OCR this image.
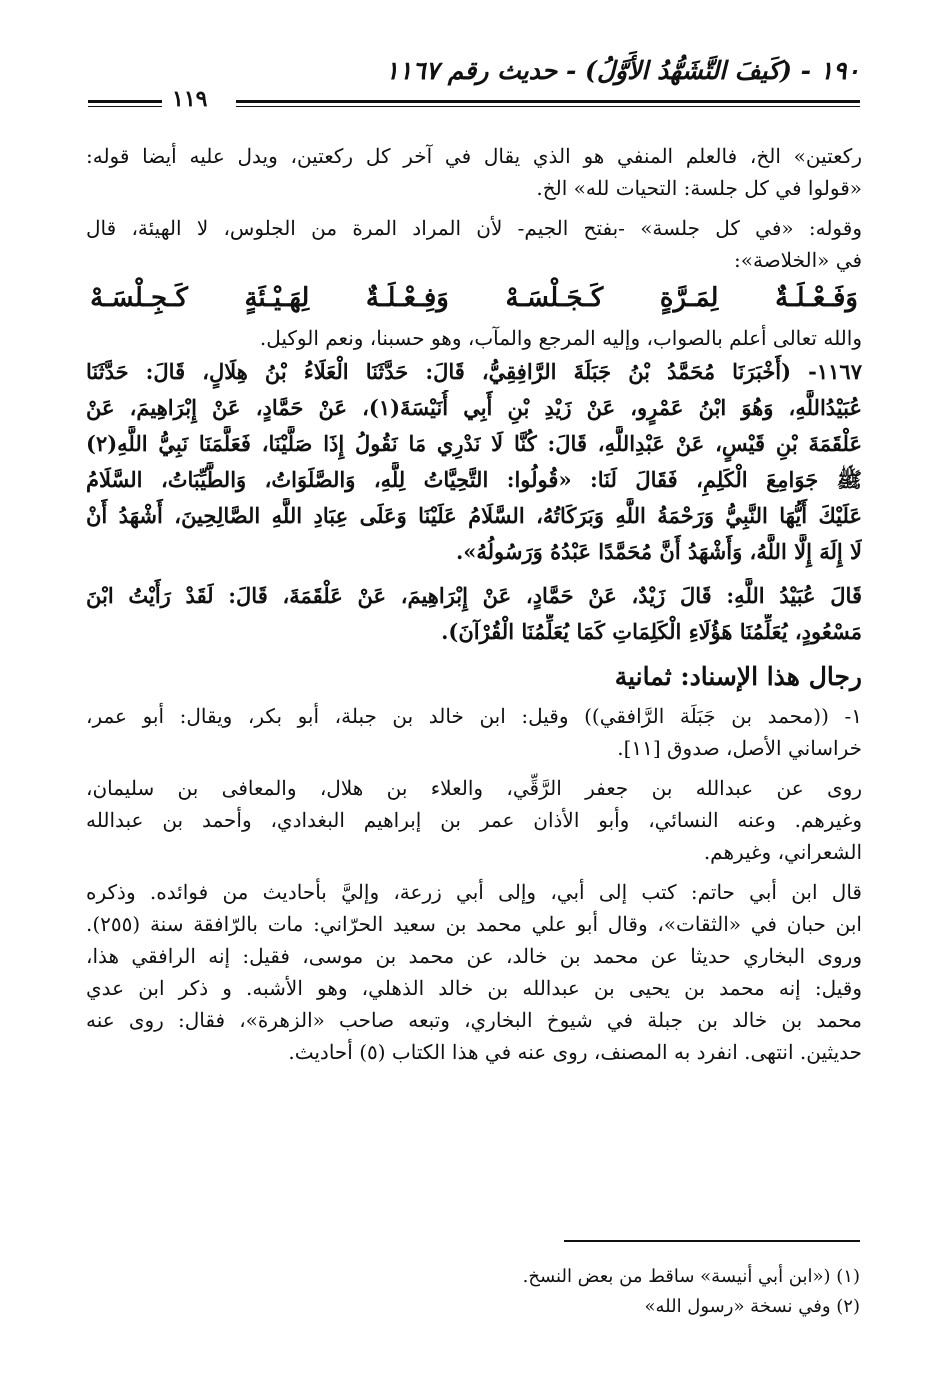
١٩٠ - (كَيفَ التَّشَهُّدُ الأَوَّلُ) - حديث رقم ١١٦٧
١١٩

ركعتين» الخ، فالعلم المنفي هو الذي يقال في آخر كل ركعتين، ويدل عليه أيضا قوله:

«قولوا في كل جلسة: التحيات لله» الخ.

وقوله: «في كل جلسة» -بفتح الجيم- لأن المراد المرة من الجلوس، لا الهيئة، قال

في «الخلاصة»:

وَفَـعْـلَـةٌ
لِمَـرَّةٍ
كَـجَـلْسَـهْ
وَفِـعْـلَـةٌ
لِهَـيْـئَةٍ
كَـجِـلْسَـهْ

والله تعالى أعلم بالصواب، وإليه المرجع والمآب، وهو حسبنا، ونعم الوكيل.

١١٦٧- (أَخْبَرَنَا مُحَمَّدُ بْنُ جَبَلَةَ الرَّافِقِيُّ، قَالَ: حَدَّثَنَا الْعَلَاءُ بْنُ هِلَالٍ، قَالَ: حَدَّثَنَا

عُبَيْدُاللَّهِ، وَهُوَ ابْنُ عَمْرٍو، عَنْ زَيْدِ بْنِ أَبِي أُنَيْسَةَ(١)، عَنْ حَمَّادٍ، عَنْ إِبْرَاهِيمَ، عَنْ

عَلْقَمَةَ بْنِ قَيْسٍ، عَنْ عَبْدِاللَّهِ، قَالَ: كُنَّا لَا نَدْرِي مَا نَقُولُ إِذَا صَلَّيْنَا، فَعَلَّمَنَا نَبِيُّ اللَّهِ(٢)

ﷺ جَوَامِعَ الْكَلِمِ، فَقَالَ لَنَا: «قُولُوا: التَّحِيَّاتُ لِلَّهِ، وَالصَّلَوَاتُ، وَالطَّيِّبَاتُ، السَّلَامُ

عَلَيْكَ أَيُّهَا النَّبِيُّ وَرَحْمَةُ اللَّهِ وَبَرَكَاتُهُ، السَّلَامُ عَلَيْنَا وَعَلَى عِبَادِ اللَّهِ الصَّالِحِينَ، أَشْهَدُ أَنْ

لَا إِلَهَ إِلَّا اللَّهُ، وَأَشْهَدُ أَنَّ مُحَمَّدًا عَبْدُهُ وَرَسُولُهُ».

قَالَ عُبَيْدُ اللَّهِ: قَالَ زَيْدٌ، عَنْ حَمَّادٍ، عَنْ إِبْرَاهِيمَ، عَنْ عَلْقَمَةَ، قَالَ: لَقَدْ رَأَيْتُ ابْنَ

مَسْعُودٍ، يُعَلِّمُنَا هَؤُلَاءِ الْكَلِمَاتِ كَمَا يُعَلِّمُنَا الْقُرْآنَ).

رجال هذا الإسناد: ثمانية

١- ((محمد بن جَبَلَة الرَّافقي)) وقيل: ابن خالد بن جبلة، أبو بكر، ويقال: أبو عمر،

خراساني الأصل، صدوق [١١].

روى عن عبدالله بن جعفر الرَّقِّي، والعلاء بن هلال، والمعافى بن سليمان،

وغيرهم. وعنه النسائي، وأبو الأذان عمر بن إبراهيم البغدادي، وأحمد بن عبدالله

الشعراني، وغيرهم.

قال ابن أبي حاتم: كتب إلى أبي، وإلى أبي زرعة، وإليَّ بأحاديث من فوائده. وذكره

ابن حبان في «الثقات»، وقال أبو علي محمد بن سعيد الحرّاني: مات بالرّافقة سنة (٢٥٥).

وروى البخاري حديثا عن محمد بن خالد، عن محمد بن موسى، فقيل: إنه الرافقي هذا،

وقيل: إنه محمد بن يحيى بن عبدالله بن خالد الذهلي، وهو الأشبه. و ذكر ابن عدي

محمد بن خالد بن جبلة في شيوخ البخاري، وتبعه صاحب «الزهرة»، فقال: روى عنه

حديثين. انتهى. انفرد به المصنف، روى عنه في هذا الكتاب (٥) أحاديث.

(١) («ابن أبي أنيسة» ساقط من بعض النسخ.

(٢) وفي نسخة «رسول الله»
